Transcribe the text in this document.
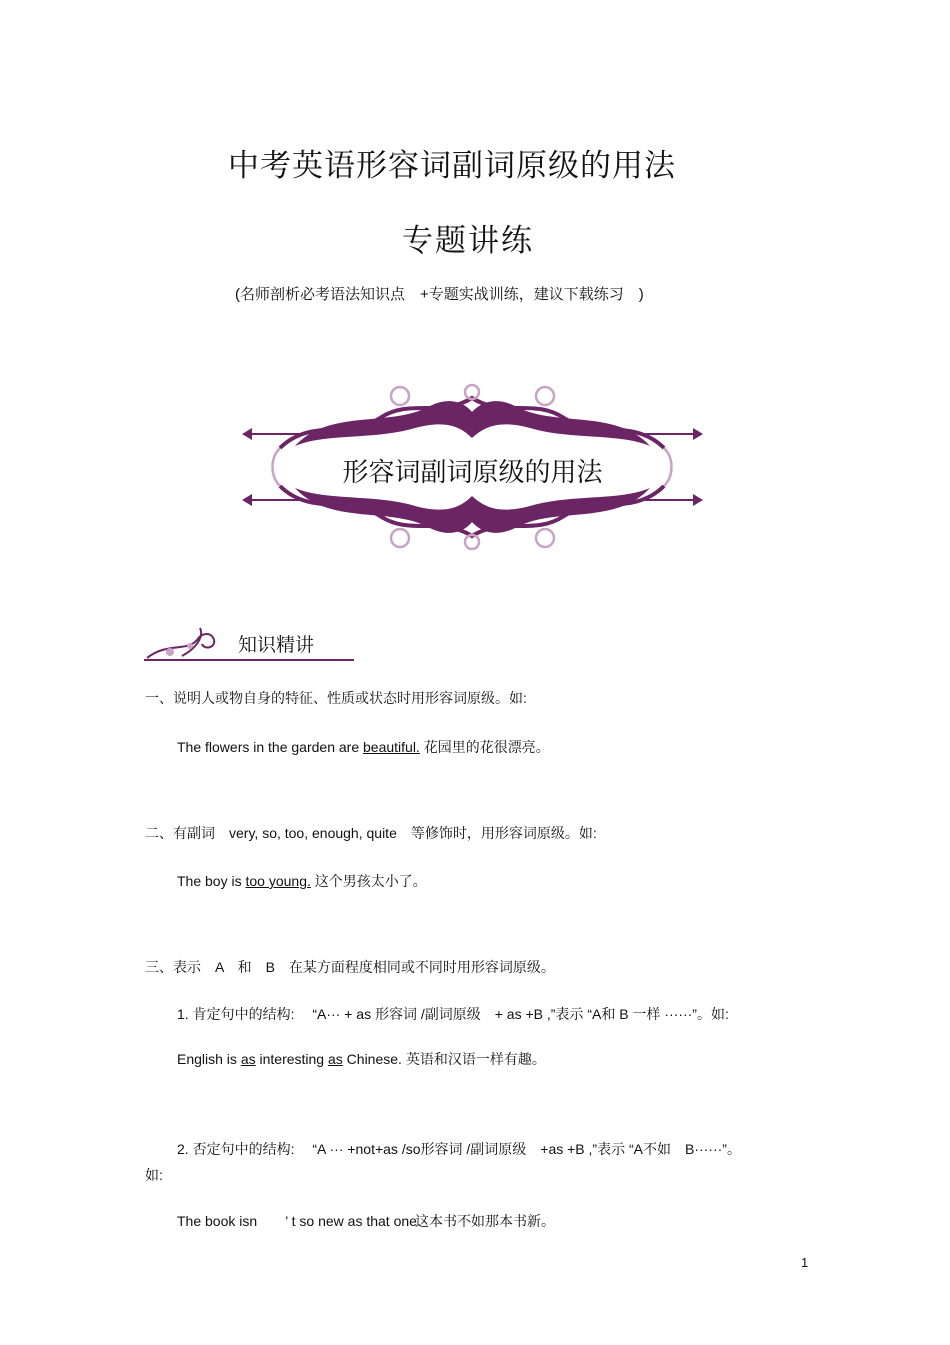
中考英语形容词副词原级的用法
专题讲练
(名师剖析必考语法知识点　+专题实战训练，建议下载练习　)
形容词副词原级的用法
知识精讲
一、说明人或物自身的特征、性质或状态时用形容词原级。如:
The flowers in the garden are beautiful. 花园里的花很漂亮。
二、有副词　very, so, too, enough, quite　等修饰时，用形容词原级。如:
The boy is too young. 这个男孩太小了。
三、表示　A　和　B　在某方面程度相同或不同时用形容词原级。
1. 肯定句中的结构:　 “A··· + as 形容词 /副词原级　+ as +B ,”表示 “A和 B 一样 ······”。如:
English is as interesting as Chinese. 英语和汉语一样有趣。
2. 否定句中的结构:　 “A ··· +not+as /so形容词 /副词原级　+as +B ,”表示 “A不如　B······”。
如:
The book isn　　’ t so new as that one.
这本书不如那本书新。
1
